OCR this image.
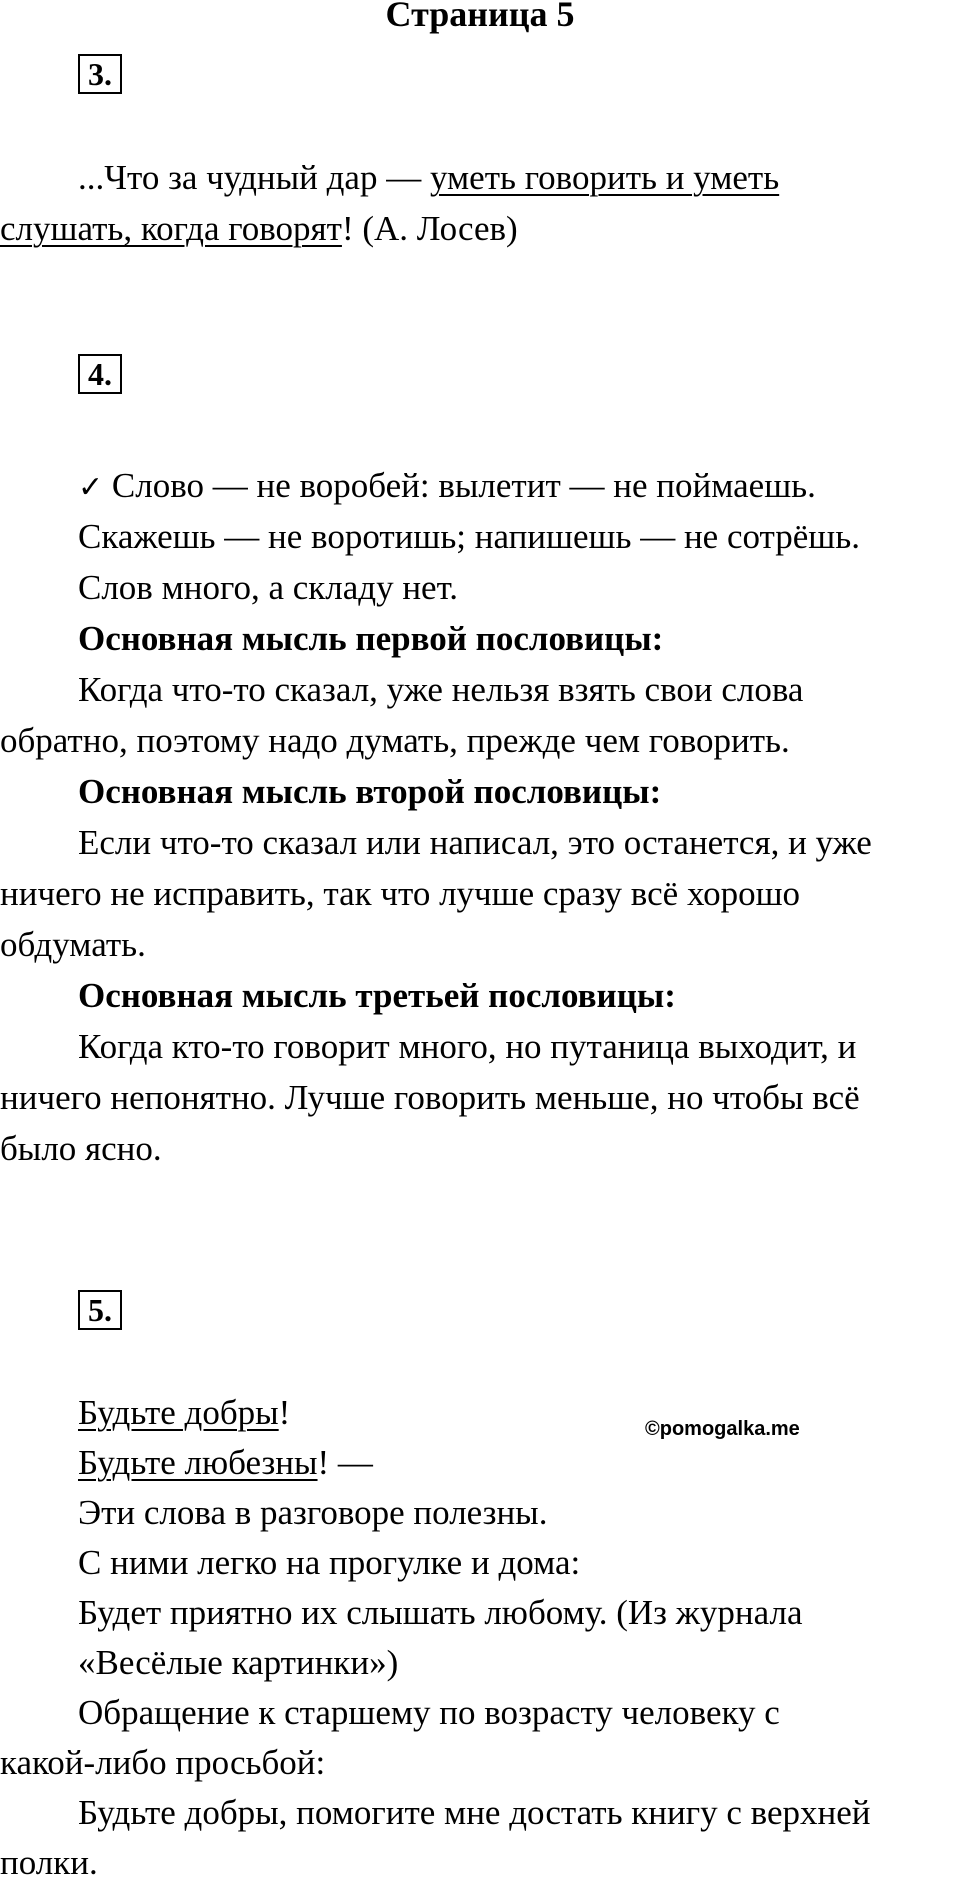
Страница 5
3.
...Что за чудный дар — уметь говорить и уметь
слушать, когда говорят! (А. Лосев)
4.
✓ Слово — не воробей: вылетит — не поймаешь.
Скажешь — не воротишь; напишешь — не сотрёшь.
Слов много, а складу нет.
Основная мысль первой пословицы:
Когда что-то сказал, уже нельзя взять свои слова
обратно, поэтому надо думать, прежде чем говорить.
Основная мысль второй пословицы:
Если что-то сказал или написал, это останется, и уже
ничего не исправить, так что лучше сразу всё хорошо
обдумать.
Основная мысль третьей пословицы:
Когда кто-то говорит много, но путаница выходит, и
ничего непонятно. Лучше говорить меньше, но чтобы всё
было ясно.
5.
Будьте добры!
Будьте любезны! —
Эти слова в разговоре полезны.
С ними легко на прогулке и дома:
Будет приятно их слышать любому. (Из журнала
«Весёлые картинки»)
Обращение к старшему по возрасту человеку с
какой-либо просьбой:
Будьте добры, помогите мне достать книгу с верхней
полки.
©pomogalka.me
